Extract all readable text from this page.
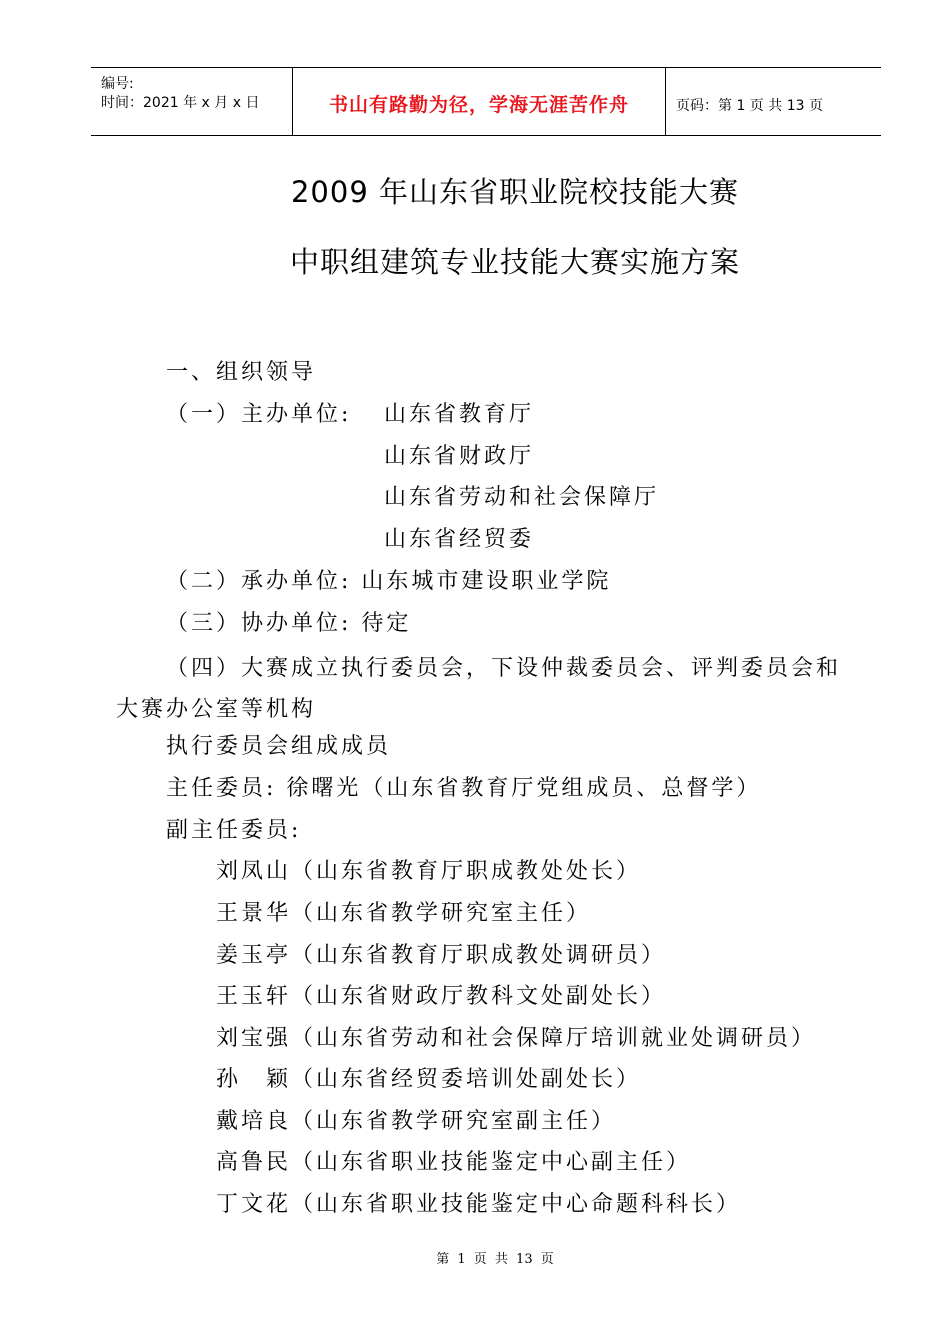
编号:
时间：2021 年 x 月 x 日	书山有路勤为径，学海无涯苦作舟	页码：第 1 页 共 13 页
2009 年山东省职业院校技能大赛
中职组建筑专业技能大赛实施方案
一、组织领导
（一）主办单位: 山东省教育厅
山东省财政厅
山东省劳动和社会保障厅
山东省经贸委
（二）承办单位: 山东城市建设职业学院
（三）协办单位: 待定
（四）大赛成立执行委员会，下设仲裁委员会、评判委员会和
大赛办公室等机构
执行委员会组成成员
主任委员: 徐曙光（山东省教育厅党组成员、总督学）
副主任委员:
刘凤山（山东省教育厅职成教处处长）
王景华（山东省教学研究室主任）
姜玉亭（山东省教育厅职成教处调研员）
王玉轩（山东省财政厅教科文处副处长）
刘宝强（山东省劳动和社会保障厅培训就业处调研员）
孙　颖（山东省经贸委培训处副处长）
戴培良（山东省教学研究室副主任）
高鲁民（山东省职业技能鉴定中心副主任）
丁文花（山东省职业技能鉴定中心命题科科长）
第 1 页 共 13 页
